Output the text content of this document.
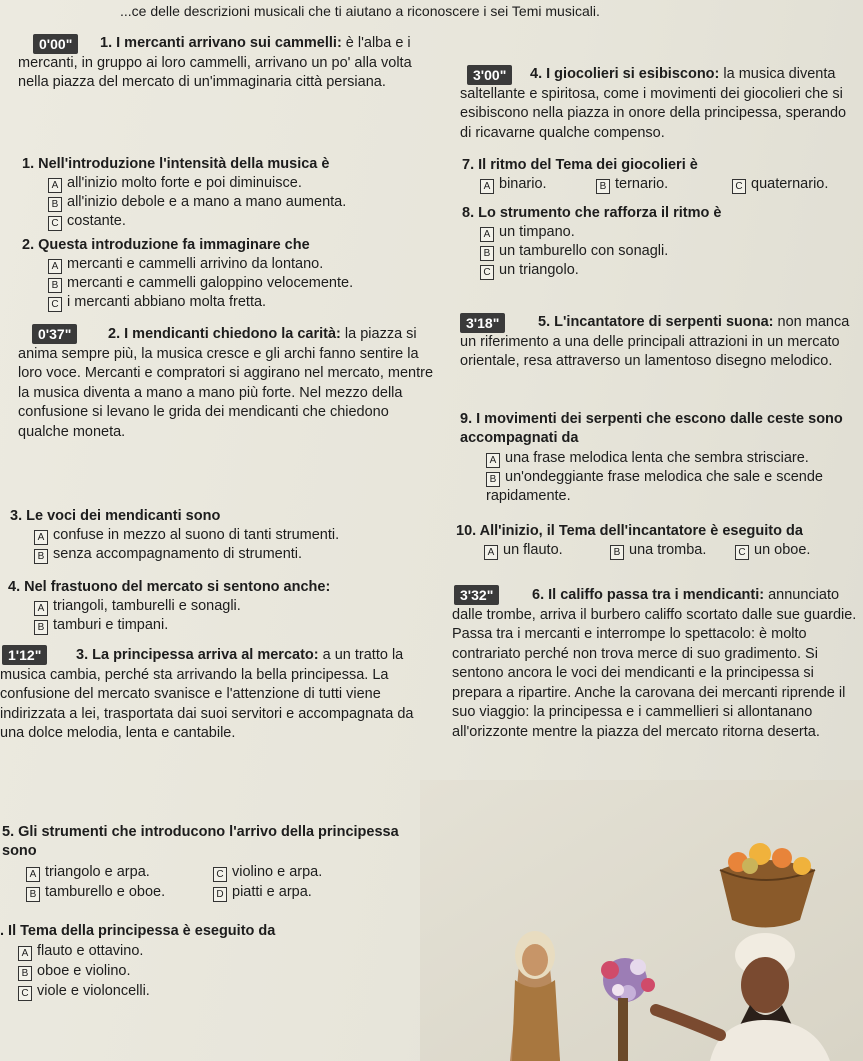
...ce delle descrizioni musicali che ti aiutano a riconoscere i sei Temi musicali.
0'00"	1. I mercanti arrivano sui cammelli: è l'alba e i mercanti, in gruppo ai loro cammelli, arrivano un po' alla volta nella piazza del mercato di un'immaginaria città persiana.
1. Nell'introduzione l'intensità della musica è
A all'inizio molto forte e poi diminuisce.
B all'inizio debole e a mano a mano aumenta.
C costante.
2. Questa introduzione fa immaginare che
A mercanti e cammelli arrivino da lontano.
B mercanti e cammelli galoppino velocemente.
C i mercanti abbiano molta fretta.
0'37"	2. I mendicanti chiedono la carità: la piazza si anima sempre più, la musica cresce e gli archi fanno sentire la loro voce. Mercanti e compratori si aggirano nel mercato, mentre la musica diventa a mano a mano più forte. Nel mezzo della confusione si levano le grida dei mendicanti che chiedono qualche moneta.
3. Le voci dei mendicanti sono
A confuse in mezzo al suono di tanti strumenti.
B senza accompagnamento di strumenti.
4. Nel frastuono del mercato si sentono anche:
A triangoli, tamburelli e sonagli.
B tamburi e timpani.
1'12"	3. La principessa arriva al mercato: a un tratto la musica cambia, perché sta arrivando la bella principessa. La confusione del mercato svanisce e l'attenzione di tutti viene indirizzata a lei, trasportata dai suoi servitori e accompagnata da una dolce melodia, lenta e cantabile.
5. Gli strumenti che introducono l'arrivo della principessa sono
A triangolo e arpa.	C violino e arpa.
B tamburello e oboe.	D piatti e arpa.
. Il Tema della principessa è eseguito da
A flauto e ottavino.
B oboe e violino.
C viole e violoncelli.
3'00"	4. I giocolieri si esibiscono: la musica diventa saltellante e spiritosa, come i movimenti dei giocolieri che si esibiscono nella piazza in onore della principessa, sperando di ricavarne qualche compenso.
7. Il ritmo del Tema dei giocolieri è
A binario.	B ternario.	C quaternario.
8. Lo strumento che rafforza il ritmo è
A un timpano.
B un tamburello con sonagli.
C un triangolo.
3'18"	5. L'incantatore di serpenti suona: non manca un riferimento a una delle principali attrazioni in un mercato orientale, resa attraverso un lamentoso disegno melodico.
9. I movimenti dei serpenti che escono dalle ceste sono accompagnati da
A una frase melodica lenta che sembra strisciare.
B un'ondeggiante frase melodica che sale e scende rapidamente.
10. All'inizio, il Tema dell'incantatore è eseguito da
A un flauto.	B una tromba.	C un oboe.
3'32"	6. Il califfo passa tra i mendicanti: annunciato dalle trombe, arriva il burbero califfo scortato dalle sue guardie. Passa tra i mercanti e interrompe lo spettacolo: è molto contrariato perché non trova merce di suo gradimento. Si sentono ancora le voci dei mendicanti e la principessa si prepara a ripartire. Anche la carovana dei mercanti riprende il suo viaggio: la principessa e i cammellieri si allontanano all'orizzonte mentre la piazza del mercato ritorna deserta.
